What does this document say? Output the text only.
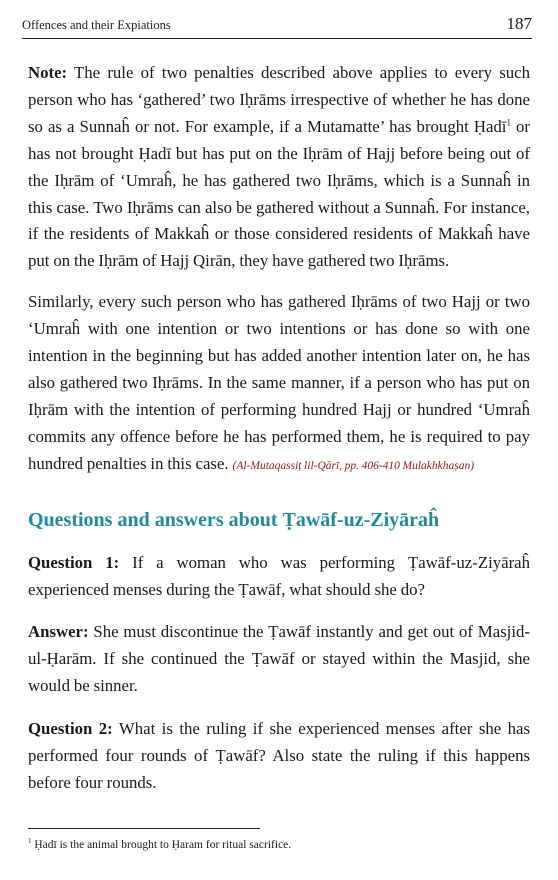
Offences and their Expiations	187

Note: The rule of two penalties described above applies to every such person who has ‘gathered’ two Iḥrāms irrespective of whether he has done so as a Sunnaĥ or not. For example, if a Mutamatte’ has brought Ḥadī$^1$ or has not brought Ḥadī but has put on the Iḥrām of Hajj before being out of the Iḥrām of ‘Umraĥ, he has gathered two Iḥrāms, which is a Sunnaĥ in this case. Two Iḥrāms can also be gathered without a Sunnaĥ. For instance, if the residents of Makkaĥ or those considered residents of Makkaĥ have put on the Iḥrām of Hajj Qirān, they have gathered two Iḥrāms.

Similarly, every such person who has gathered Iḥrāms of two Hajj or two ‘Umraĥ with one intention or two intentions or has done so with one intention in the beginning but has added another intention later on, he has also gathered two Iḥrāms. In the same manner, if a person who has put on Iḥrām with the intention of performing hundred Hajj or hundred ‘Umraĥ commits any offence before he has performed them, he is required to pay hundred penalties in this case. (Al-Mutaqassiṭ lil-Qārī, pp. 406-410 Mulakhkhaṣan)

Questions and answers about Ṭawāf-uz-Ziyāraĥ

Question 1: If a woman who was performing Ṭawāf-uz-Ziyāraĥ experienced menses during the Ṭawāf, what should she do?

Answer: She must discontinue the Ṭawāf instantly and get out of Masjid-ul-Ḥarām. If she continued the Ṭawāf or stayed within the Masjid, she would be sinner.

Question 2: What is the ruling if she experienced menses after she has performed four rounds of Ṭawāf? Also state the ruling if this happens before four rounds.

$^1$ Ḥadī is the animal brought to Ḥaram for ritual sacrifice.
